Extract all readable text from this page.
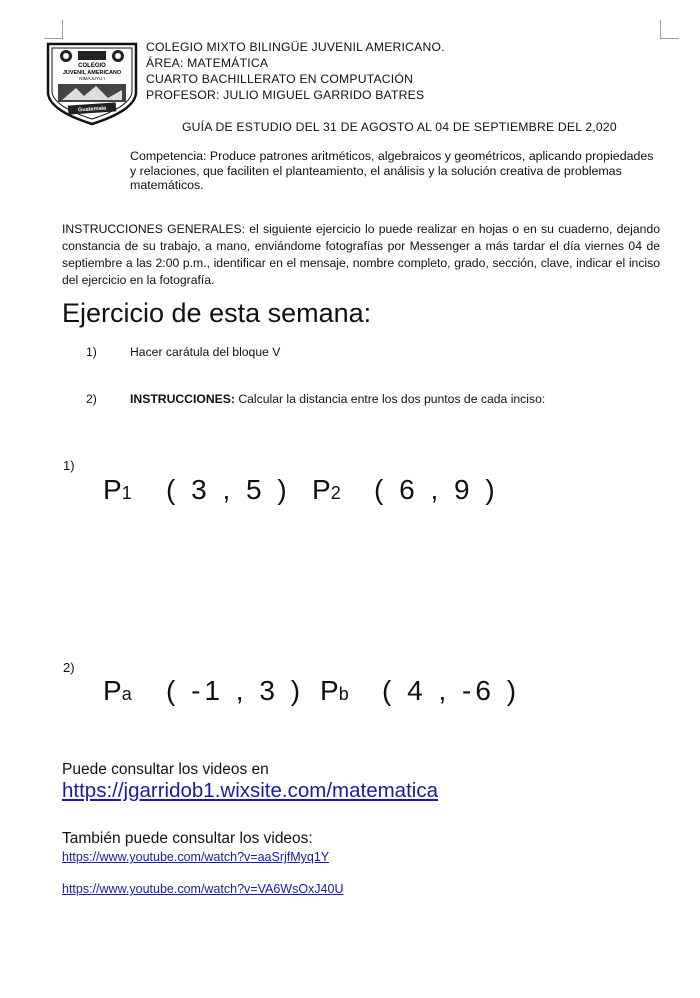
COLEGIO
JUVENIL AMERICANO
NIMAJUYU I
Guatemala
COLEGIO MIXTO BILINGÜE JUVENIL AMERICANO.
ÁREA: MATEMÁTICA
CUARTO BACHILLERATO EN COMPUTACIÓN
PROFESOR: JULIO MIGUEL GARRIDO BATRES
GUÍA DE ESTUDIO DEL 31 DE AGOSTO AL 04 DE SEPTIEMBRE DEL 2,020
Competencia: Produce patrones aritméticos, algebraicos y geométricos, aplicando propiedades y relaciones, que faciliten el planteamiento, el análisis y la solución creativa de problemas matemáticos.
INSTRUCCIONES GENERALES: el siguiente ejercicio lo puede realizar en hojas o en su cuaderno, dejando constancia de su trabajo, a mano, enviándome fotografías por Messenger a más tardar el día viernes 04 de septiembre a las 2:00 p.m., identificar en el mensaje, nombre completo, grado, sección, clave, indicar el inciso del ejercicio en la fotografía.
Ejercicio de esta semana:
1)	Hacer carátula del bloque V
2)	INSTRUCCIONES: Calcular la distancia entre los dos puntos de cada inciso:
1)
P1 ( 3 , 5 ) P2 ( 6 , 9 )
2)
Pa ( -1 , 3 ) Pb ( 4 , -6 )
Puede consultar los videos en
https://jgarridob1.wixsite.com/matematica
También puede consultar los videos:
https://www.youtube.com/watch?v=aaSrjfMyq1Y
https://www.youtube.com/watch?v=VA6WsOxJ40U
